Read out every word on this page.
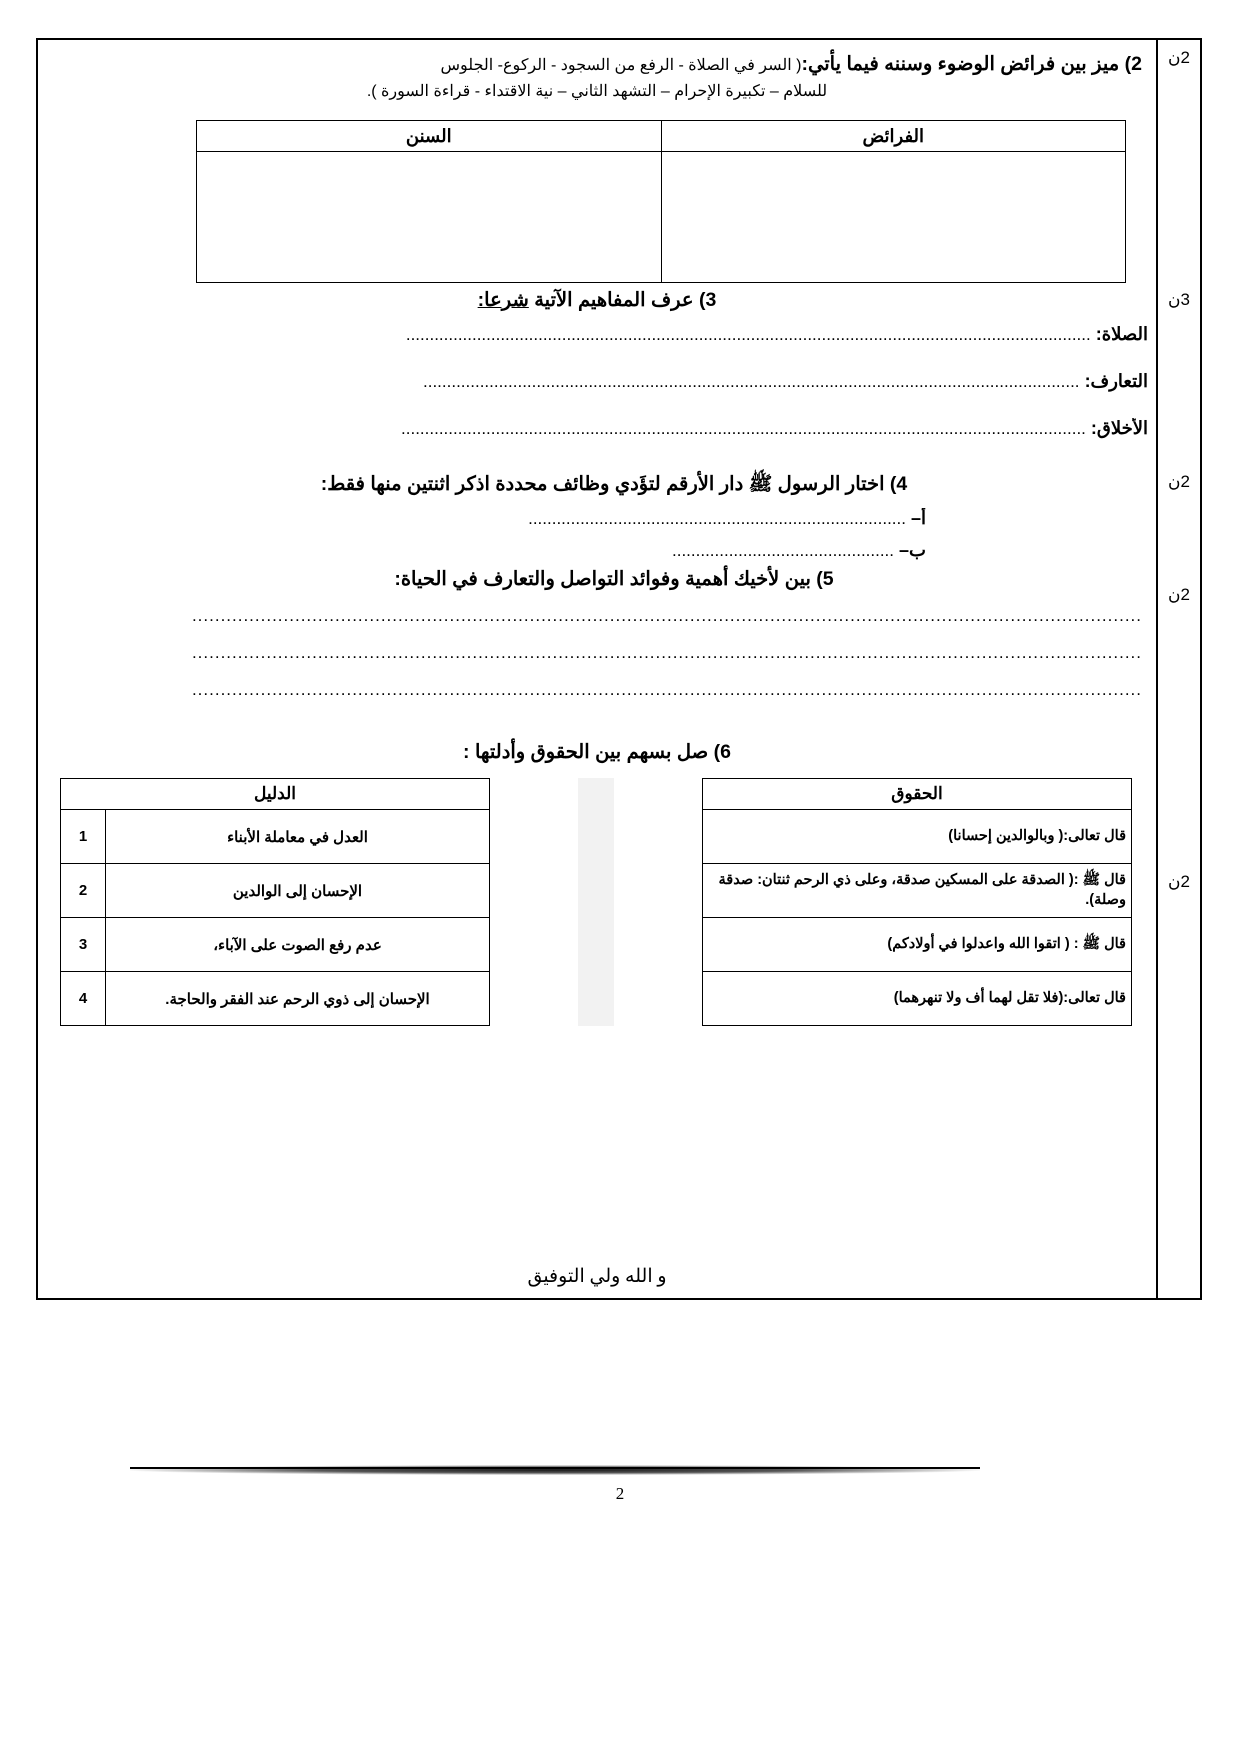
2ن
3ن
2ن
2ن
2ن
2) ميز بين فرائض الوضوء وسننه فيما يأتي:( السر في الصلاة - الرفع من السجود - الركوع- الجلوس
للسلام – تكبيرة الإحرام – التشهد الثاني – نية الاقتداء - قراءة السورة ).
الفرائض	السنن

3) عرف المفاهيم الآتية شرعا:
الصلاة: .................................................................................................................................................
التعارف: ...........................................................................................................................................
الأخلاق: .................................................................................................................................................
4) اختار الرسول ﷺ دار الأرقم لتؤَدي وظائف محددة اذكر اثنتين منها فقط:
أ– ................................................................................
ب– ...............................................
5) بين لأخيك أهمية وفوائد التواصل والتعارف في الحياة:
......................................................................................................................................................................
......................................................................................................................................................................
......................................................................................................................................................................
6) صل بسهم بين الحقوق وأدلتها :
الحقوق
قال تعالى:( وبالوالدين إحسانا)
قال ﷺ :( الصدقة على المسكين صدقة، وعلى ذي الرحم ثنتان: صدقة وصلة).
قال ﷺ : ( اتقوا الله واعدلوا في أولادكم)
قال تعالى:(فلا تقل لهما أف ولا تنهرهما)
الدليل	
العدل في معاملة الأبناء	1
الإحسان إلى الوالدين	2
عدم رفع الصوت على الآباء،	3
الإحسان إلى ذوي الرحم عند الفقر والحاجة.	4
و الله ولي التوفيق
2
